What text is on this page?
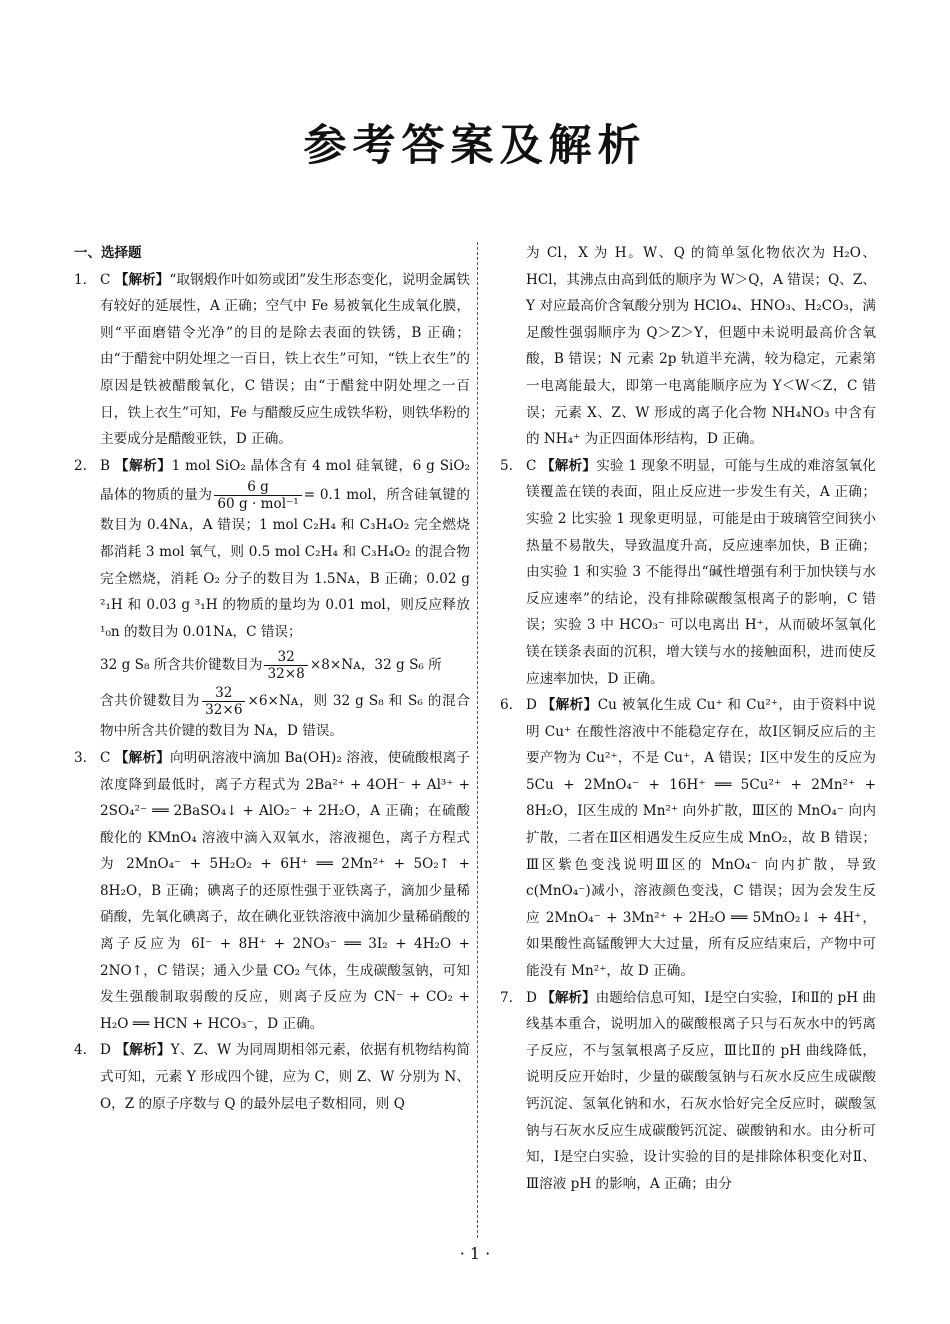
参考答案及解析
一、选择题

1. C 【解析】“取钢煅作叶如笏或团”发生形态变化，说明金属铁有较好的延展性，A 正确；空气中 Fe 易被氧化生成氧化膜，则“平面磨错令光净”的目的是除去表面的铁锈，B 正确；由“于醋瓮中阴处埋之一百日，铁上衣生”可知，“铁上衣生”的原因是铁被醋酸氧化，C 错误；由“于醋瓮中阴处埋之一百日，铁上衣生”可知，Fe 与醋酸反应生成铁华粉，则铁华粉的主要成分是醋酸亚铁，D 正确。

2. B 【解析】1 mol SiO₂ 晶体含有 4 mol 硅氧键，6 g SiO₂ 晶体的物质的量为 $\frac{6 g}{\text{60 g · mol⁻¹}} = 0.1$ mol，所含硅氧键的数目为 0.4Nᴀ，A 错误；1 mol C₂H₄ 和 C₃H₄O₂ 完全燃烧都消耗 3 mol 氧气，则 0.5 mol C₂H₄ 和 C₃H₄O₂ 的混合物完全燃烧，消耗 O₂ 分子的数目为 1.5Nᴀ，B 正确；0.02 g ²₁H 和 0.03 g ³₁H 的物质的量均为 0.01 mol，则反应释放¹₀n 的数目为 0.01Nᴀ，C 错误；

32 g S₈ 所含共价键数目为 $\frac{32}{32\times 8}$ ×8×Nᴀ，32 g S₆ 所

含共价键数目为 $\frac{32}{32\times 6}$ ×6×Nᴀ，则 32 g S₈ 和 S₆ 的混合物中所含共价键的数目为 Nᴀ，D 错误。

3. C 【解析】向明矾溶液中滴加 Ba(OH)₂ 溶液，使硫酸根离子浓度降到最低时，离子方程式为 2Ba²⁺ + 4OH⁻ + Al³⁺ + 2SO₄²⁻ ══ 2BaSO₄↓ + AlO₂⁻ + 2H₂O，A 正确；在硫酸酸化的 KMnO₄ 溶液中滴入双氧水，溶液褪色，离子方程式为 2MnO₄⁻ + 5H₂O₂ + 6H⁺ ══ 2Mn²⁺ + 5O₂↑ + 8H₂O，B 正确；碘离子的还原性强于亚铁离子，滴加少量稀硝酸，先氧化碘离子，故在碘化亚铁溶液中滴加少量稀硝酸的离子反应为 6I⁻ + 8H⁺ + 2NO₃⁻ ══ 3I₂ + 4H₂O + 2NO↑，C 错误；通入少量 CO₂ 气体，生成碳酸氢钠，可知发生强酸制取弱酸的反应，则离子反应为 CN⁻ + CO₂ + H₂O ══ HCN + HCO₃⁻，D 正确。

4. D 【解析】Y、Z、W 为同周期相邻元素，依据有机物结构简式可知，元素 Y 形成四个键，应为 C，则 Z、W 分别为 N、O，Z 的原子序数与 Q 的最外层电子数相同，则 Q

为 Cl，X 为 H。W、Q 的简单氢化物依次为 H₂O、HCl，其沸点由高到低的顺序为 W＞Q，A 错误；Q、Z、Y 对应最高价含氧酸分别为 HClO₄、HNO₃、H₂CO₃，满足酸性强弱顺序为 Q＞Z＞Y，但题中未说明最高价含氧酸，B 错误；N 元素 2p 轨道半充满，较为稳定，元素第一电离能最大，即第一电离能顺序应为 Y＜W＜Z，C 错误；元素 X、Z、W 形成的离子化合物 NH₄NO₃ 中含有的 NH₄⁺ 为正四面体形结构，D 正确。

5. C 【解析】实验 1 现象不明显，可能与生成的难溶氢氧化镁覆盖在镁的表面，阻止反应进一步发生有关，A 正确；实验 2 比实验 1 现象更明显，可能是由于玻璃管空间狭小热量不易散失，导致温度升高，反应速率加快，B 正确；由实验 1 和实验 3 不能得出“碱性增强有利于加快镁与水反应速率”的结论，没有排除碳酸氢根离子的影响，C 错误；实验 3 中 HCO₃⁻ 可以电离出 H⁺，从而破坏氢氧化镁在镁条表面的沉积，增大镁与水的接触面积，进而使反应速率加快，D 正确。

6. D 【解析】Cu 被氧化生成 Cu⁺ 和 Cu²⁺，由于资料中说明 Cu⁺ 在酸性溶液中不能稳定存在，故Ⅰ区铜反应后的主要产物为 Cu²⁺，不是 Cu⁺，A 错误；Ⅰ区中发生的反应为 5Cu + 2MnO₄⁻ + 16H⁺ ══ 5Cu²⁺ + 2Mn²⁺ + 8H₂O，Ⅰ区生成的 Mn²⁺ 向外扩散，Ⅲ区的 MnO₄⁻ 向内扩散，二者在Ⅱ区相遇发生反应生成 MnO₂，故 B 错误；Ⅲ区紫色变浅说明Ⅲ区的 MnO₄⁻ 向内扩散，导致 c(MnO₄⁻)减小，溶液颜色变浅，C 错误；因为会发生反应 2MnO₄⁻ + 3Mn²⁺ + 2H₂O ══ 5MnO₂↓ + 4H⁺，如果酸性高锰酸钾大大过量，所有反应结束后，产物中可能没有 Mn²⁺，故 D 正确。

7. D 【解析】由题给信息可知，Ⅰ是空白实验，Ⅰ和Ⅱ的 pH 曲线基本重合，说明加入的碳酸根离子只与石灰水中的钙离子反应，不与氢氧根离子反应，Ⅲ比Ⅱ的 pH 曲线降低，说明反应开始时，少量的碳酸氢钠与石灰水反应生成碳酸钙沉淀、氢氧化钠和水，石灰水恰好完全反应时，碳酸氢钠与石灰水反应生成碳酸钙沉淀、碳酸钠和水。由分析可知，Ⅰ是空白实验，设计实验的目的是排除体积变化对Ⅱ、Ⅲ溶液 pH 的影响，A 正确；由分

· 1 ·
